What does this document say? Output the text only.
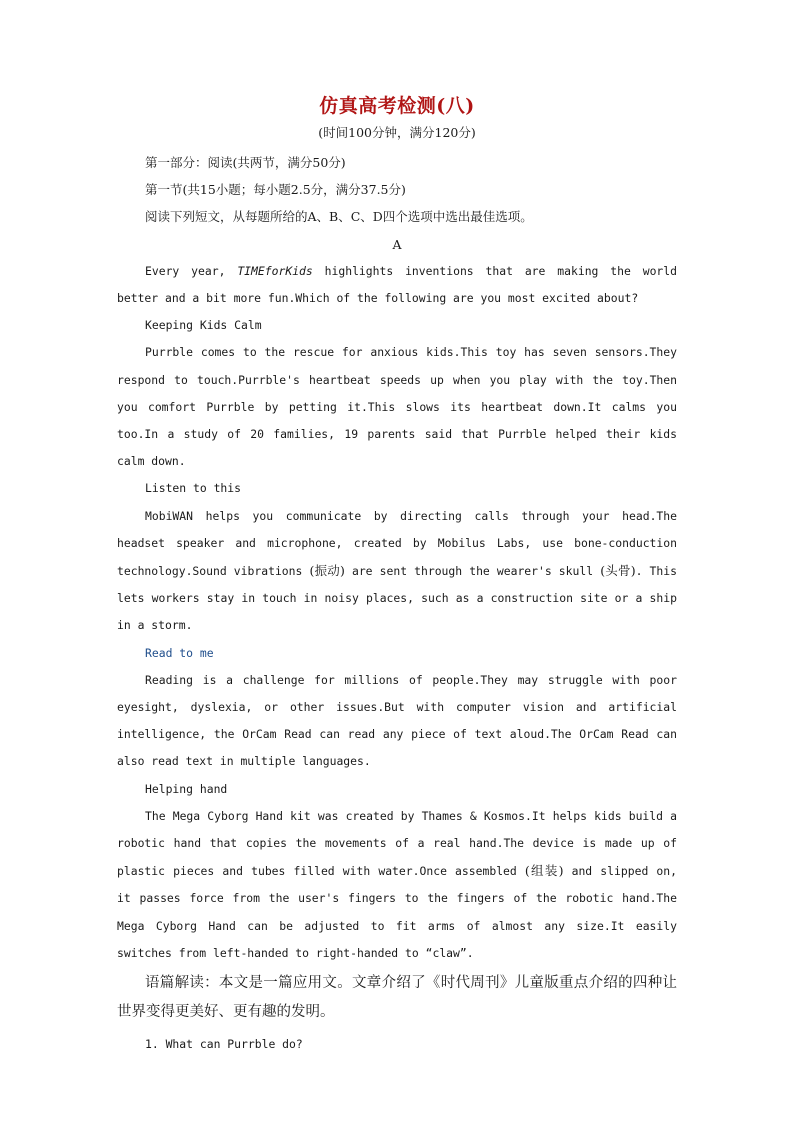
仿真高考检测(八)

(时间100分钟，满分120分)

第一部分：阅读(共两节，满分50分)

第一节(共15小题；每小题2.5分，满分37.5分)

阅读下列短文，从每题所给的A、B、C、D四个选项中选出最佳选项。

A

Every year, TIMEforKids highlights inventions that are making the world better and a bit more fun.Which of the following are you most excited about?

Keeping Kids Calm

Purrble comes to the rescue for anxious kids.This toy has seven sensors.They respond to touch.Purrble's heartbeat speeds up when you play with the toy.Then you comfort Purrble by petting it.This slows its heartbeat down.It calms you too.In a study of 20 families, 19 parents said that Purrble helped their kids calm down.

Listen to this

MobiWAN helps you communicate by directing calls through your head.The headset speaker and microphone, created by Mobilus Labs, use bone-conduction technology.Sound vibrations (振动) are sent through the wearer's skull (头骨). This lets workers stay in touch in noisy places, such as a construction site or a ship in a storm.

Read to me

Reading is a challenge for millions of people.They may struggle with poor eyesight, dyslexia, or other issues.But with computer vision and artificial intelligence, the OrCam Read can read any piece of text aloud.The OrCam Read can also read text in multiple languages.

Helping hand

The Mega Cyborg Hand kit was created by Thames & Kosmos.It helps kids build a robotic hand that copies the movements of a real hand.The device is made up of plastic pieces and tubes filled with water.Once assembled (组装) and slipped on, it passes force from the user's fingers to the fingers of the robotic hand.The Mega Cyborg Hand can be adjusted to fit arms of almost any size.It easily switches from left-handed to right-handed to “claw”.

语篇解读：本文是一篇应用文。文章介绍了《时代周刊》儿童版重点介绍的四种让世界变得更美好、更有趣的发明。

1. What can Purrble do?
